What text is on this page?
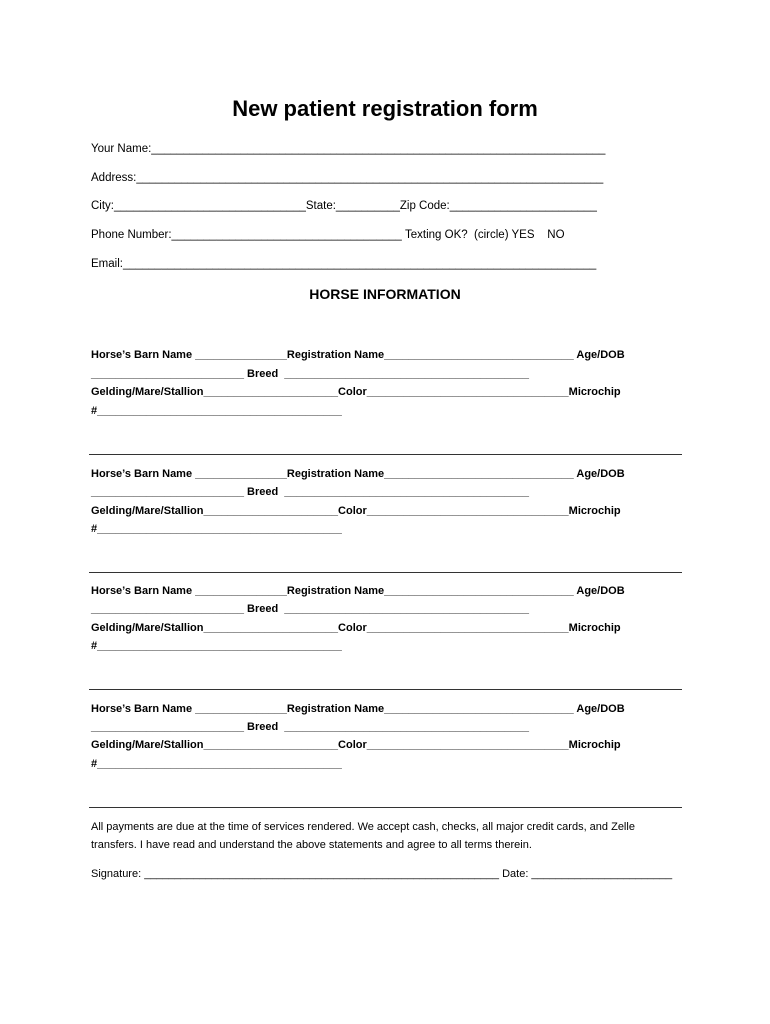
New patient registration form
Your Name:_______________________________________________________________________
Address:_________________________________________________________________________
City:______________________________State:__________Zip Code:_______________________
Phone Number:____________________________________ Texting OK?  (circle) YES    NO
Email:__________________________________________________________________________
HORSE INFORMATION
Horse’s Barn Name _______________Registration Name_______________________________ Age/DOB
_________________________ Breed  ________________________________________
Gelding/Mare/Stallion______________________Color_________________________________Microchip
#________________________________________
Horse’s Barn Name _______________Registration Name_______________________________ Age/DOB
_________________________ Breed  ________________________________________
Gelding/Mare/Stallion______________________Color_________________________________Microchip
#________________________________________
Horse’s Barn Name _______________Registration Name_______________________________ Age/DOB
_________________________ Breed  ________________________________________
Gelding/Mare/Stallion______________________Color_________________________________Microchip
#________________________________________
Horse’s Barn Name _______________Registration Name_______________________________ Age/DOB
_________________________ Breed  ________________________________________
Gelding/Mare/Stallion______________________Color_________________________________Microchip
#________________________________________
All payments are due at the time of services rendered. We accept cash, checks, all major credit cards, and Zelle
transfers. I have read and understand the above statements and agree to all terms therein.
Signature: __________________________________________________________ Date: _______________________
